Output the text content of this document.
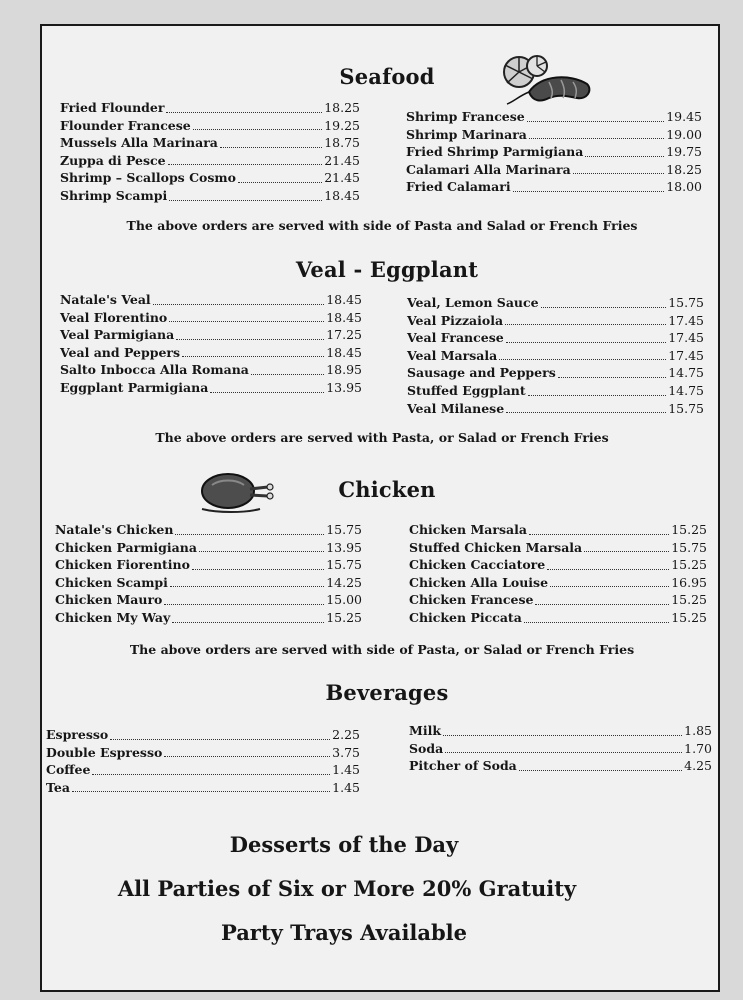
Seafood
Fried Flounder	18.25
Flounder Francese	19.25
Mussels Alla Marinara	18.75
Zuppa di Pesce	21.45
Shrimp – Scallops Cosmo	21.45
Shrimp Scampi	18.45
Shrimp Francese	19.45
Shrimp Marinara	19.00
Fried Shrimp Parmigiana	19.75
Calamari Alla Marinara	18.25
Fried Calamari	18.00
The above orders are served with side of Pasta and Salad or French Fries
Veal - Eggplant
Natale's Veal	18.45
Veal Florentino	18.45
Veal Parmigiana	17.25
Veal and Peppers	18.45
Salto Inbocca Alla Romana	18.95
Eggplant Parmigiana	13.95
Veal, Lemon Sauce	15.75
Veal Pizzaiola	17.45
Veal Francese	17.45
Veal Marsala	17.45
Sausage and Peppers	14.75
Stuffed Eggplant	14.75
Veal Milanese	15.75
The above orders are served with Pasta, or Salad or French Fries
Chicken
Natale's Chicken	15.75
Chicken Parmigiana	13.95
Chicken Fiorentino	15.75
Chicken Scampi	14.25
Chicken Mauro	15.00
Chicken My Way	15.25
Chicken Marsala	15.25
Stuffed Chicken Marsala	15.75
Chicken Cacciatore	15.25
Chicken Alla Louise	16.95
Chicken Francese	15.25
Chicken Piccata	15.25
The above orders are served with side of Pasta, or Salad or French Fries
Beverages
Espresso	2.25
Double Espresso	3.75
Coffee	1.45
Tea	1.45
Milk	1.85
Soda	1.70
Pitcher of Soda	4.25
Desserts of the Day
All Parties of Six or More 20% Gratuity
Party Trays Available
